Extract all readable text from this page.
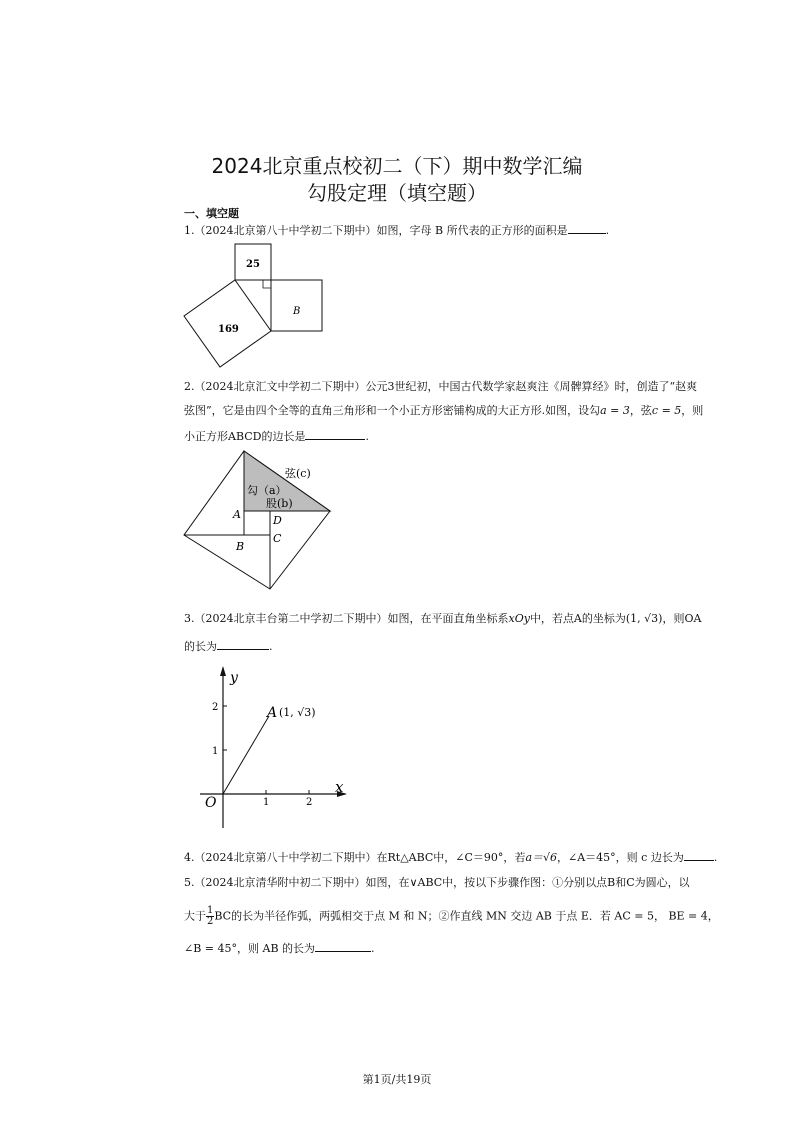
2024北京重点校初二（下）期中数学汇编
勾股定理（填空题）
一、填空题
1.（2024北京第八十中学初二下期中）如图，字母 B 所代表的正方形的面积是	.
25
169
B
2.（2024北京汇文中学初二下期中）公元3世纪初，中国古代数学家赵爽注《周髀算经》时，创造了“赵爽
弦图”，它是由四个全等的直角三角形和一个小正方形密铺构成的大正方形.如图，设勾a = 3，弦c = 5，则
小正方形ABCD的边长是	.
弦(c)
勾（a）
股(b)
A	D
B
C
3.（2024北京丰台第二中学初二下期中）如图，在平面直角坐标系xOy中，若点A的坐标为(1, √3)，则OA
的长为	.
y
x
O
2
1
1	2
A (1, √3)
4.（2024北京第八十中学初二下期中）在Rt△ABC中，∠C＝90°，若a＝√6，∠A＝45°，则 c 边长为	.
5.（2024北京清华附中初二下期中）如图，在∨ABC中，按以下步骤作图：①分别以点B和C为圆心，以
大于 $\frac{1}{2}$ BC的长为半径作弧，两弧相交于点 M 和 N；②作直线 MN 交边 AB 于点 E．若 AC = 5， BE = 4，
∠B = 45°，则 AB 的长为	.
第1页/共19页
